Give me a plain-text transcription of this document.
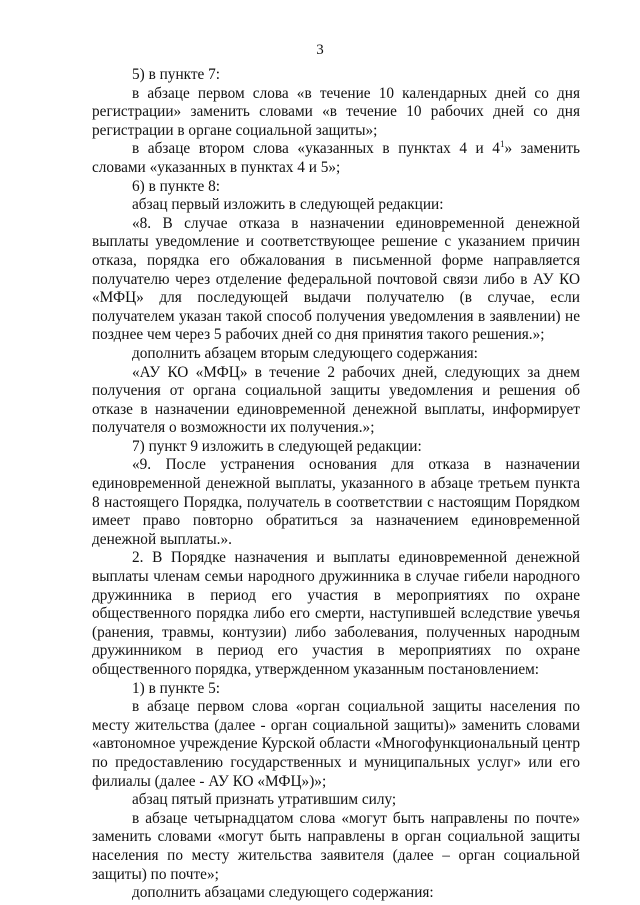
3

5) в пункте 7:

в абзаце первом слова «в течение 10 календарных дней со дня регистрации» заменить словами «в течение 10 рабочих дней со дня регистрации в органе социальной защиты»;

в абзаце втором слова «указанных в пунктах 4 и $4^1$» заменить словами «указанных в пунктах 4 и 5»;

6) в пункте 8:

абзац первый изложить в следующей редакции:

«8. В случае отказа в назначении единовременной денежной выплаты уведомление и соответствующее решение с указанием причин отказа, порядка его обжалования в письменной форме направляется получателю через отделение федеральной почтовой связи либо в АУ КО «МФЦ» для последующей выдачи получателю (в случае, если получателем указан такой способ получения уведомления в заявлении) не позднее чем через 5 рабочих дней со дня принятия такого решения.»;

дополнить абзацем вторым следующего содержания:

«АУ КО «МФЦ» в течение 2 рабочих дней, следующих за днем получения от органа социальной защиты уведомления и решения об отказе в назначении единовременной денежной выплаты, информирует получателя о возможности их получения.»;

7) пункт 9 изложить в следующей редакции:

«9. После устранения основания для отказа в назначении единовременной денежной выплаты, указанного в абзаце третьем пункта 8 настоящего Порядка, получатель в соответствии с настоящим Порядком имеет право повторно обратиться за назначением единовременной денежной выплаты.».

2. В Порядке назначения и выплаты единовременной денежной выплаты членам семьи народного дружинника в случае гибели народного дружинника в период его участия в мероприятиях по охране общественного порядка либо его смерти, наступившей вследствие увечья (ранения, травмы, контузии) либо заболевания, полученных народным дружинником в период его участия в мероприятиях по охране общественного порядка, утвержденном указанным постановлением:

1) в пункте 5:

в абзаце первом слова «орган социальной защиты населения по месту жительства (далее - орган социальной защиты)» заменить словами «автономное учреждение Курской области «Многофункциональный центр по предоставлению государственных и муниципальных услуг» или его филиалы (далее - АУ КО «МФЦ»)»;

абзац пятый признать утратившим силу;

в абзаце четырнадцатом слова «могут быть направлены по почте» заменить словами «могут быть направлены в орган социальной защиты населения по месту жительства заявителя (далее – орган социальной защиты) по почте»;

дополнить абзацами следующего содержания:
